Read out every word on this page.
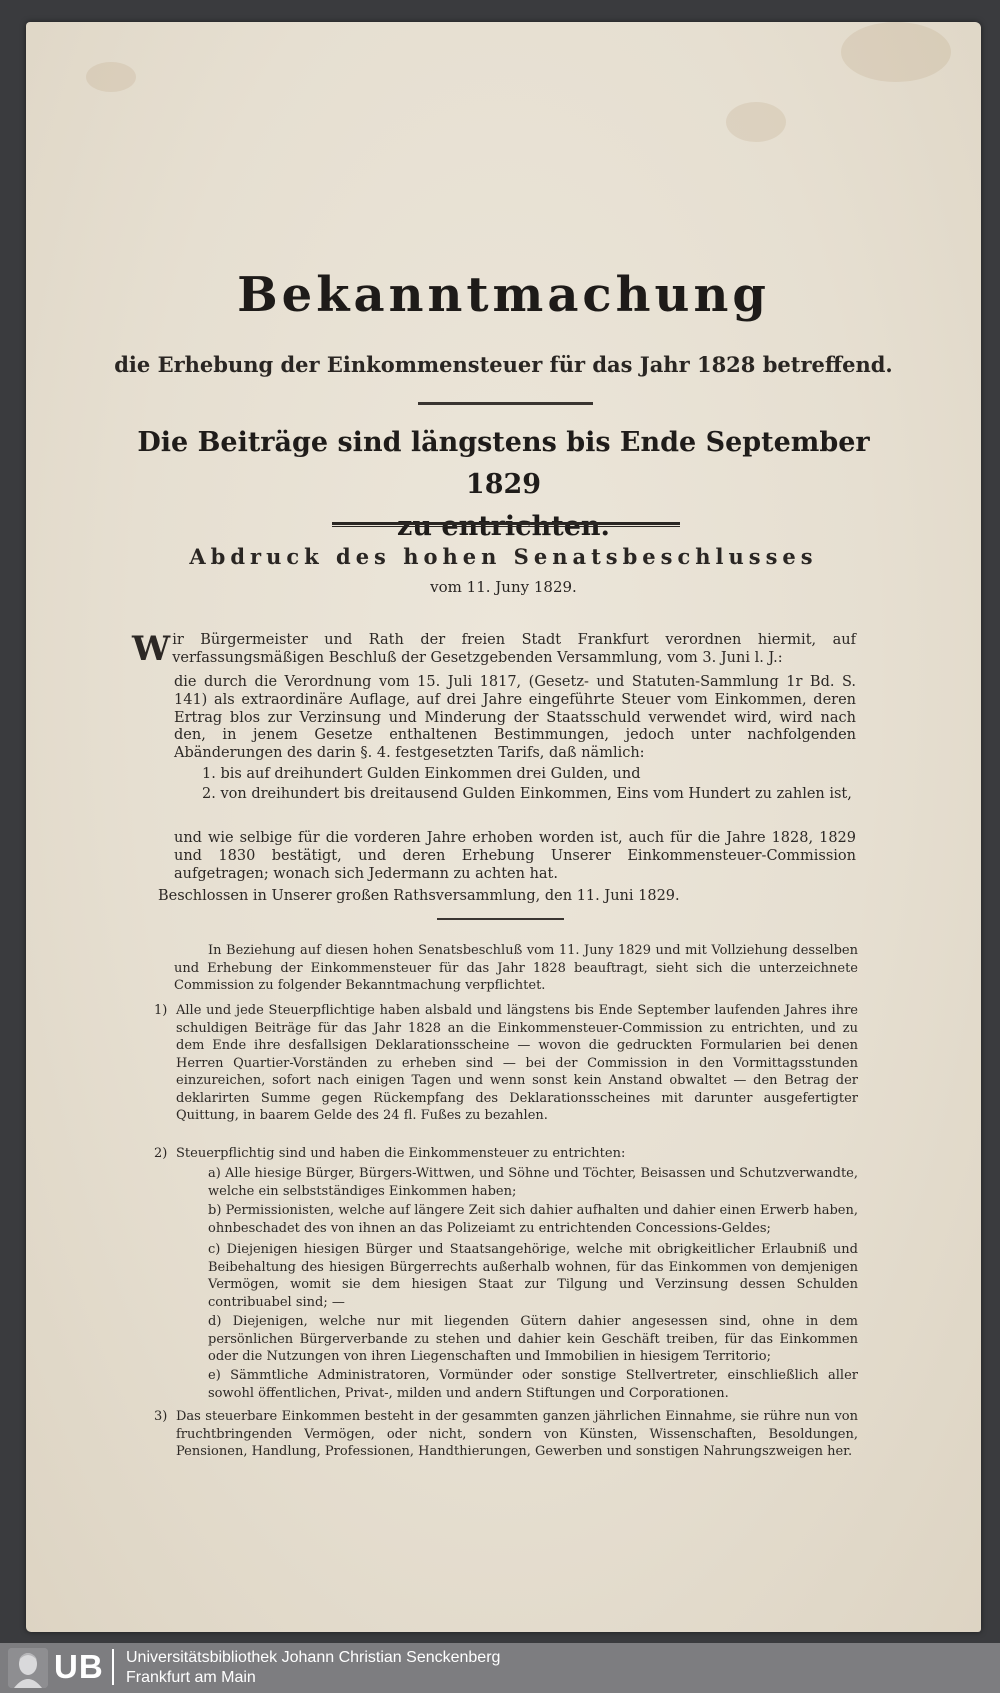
Bekanntmachung
die Erhebung der Einkommensteuer für das Jahr 1828 betreffend.
Die Beiträge sind längstens bis Ende September 1829
zu entrichten.
Abdruck des hohen Senatsbeschlusses
vom 11. Juny 1829.
Wir Bürgermeister und Rath der freien Stadt Frankfurt verordnen hiermit, auf verfassungsmäßigen Beschluß der Gesetzgebenden Versammlung, vom 3. Juni l. J.:
die durch die Verordnung vom 15. Juli 1817, (Gesetz- und Statuten-Sammlung 1r Bd. S. 141) als extraordinäre Auflage, auf drei Jahre eingeführte Steuer vom Einkommen, deren Ertrag blos zur Verzinsung und Minderung der Staatsschuld verwendet wird, wird nach den, in jenem Gesetze enthaltenen Bestimmungen, jedoch unter nachfolgenden Abänderungen des darin §. 4. festgesetzten Tarifs, daß nämlich:
1. bis auf dreihundert Gulden Einkommen drei Gulden, und
2. von dreihundert bis dreitausend Gulden Einkommen, Eins vom Hundert zu zahlen ist,
und wie selbige für die vorderen Jahre erhoben worden ist, auch für die Jahre 1828, 1829 und 1830 bestätigt, und deren Erhebung Unserer Einkommensteuer-Commission aufgetragen; wonach sich Jedermann zu achten hat.
Beschlossen in Unserer großen Rathsversammlung, den 11. Juni 1829.
In Beziehung auf diesen hohen Senatsbeschluß vom 11. Juny 1829 und mit Vollziehung desselben und Erhebung der Einkommensteuer für das Jahr 1828 beauftragt, sieht sich die unterzeichnete Commission zu folgender Bekanntmachung verpflichtet.
1) Alle und jede Steuerpflichtige haben alsbald und längstens bis Ende September laufenden Jahres ihre schuldigen Beiträge für das Jahr 1828 an die Einkommensteuer-Commission zu entrichten, und zu dem Ende ihre desfallsigen Deklarationsscheine — wovon die gedruckten Formularien bei denen Herren Quartier-Vorständen zu erheben sind — bei der Commission in den Vormittagsstunden einzureichen, sofort nach einigen Tagen und wenn sonst kein Anstand obwaltet — den Betrag der deklarirten Summe gegen Rückempfang des Deklarationsscheines mit darunter ausgefertigter Quittung, in baarem Gelde des 24 fl. Fußes zu bezahlen.
2) Steuerpflichtig sind und haben die Einkommensteuer zu entrichten:
a) Alle hiesige Bürger, Bürgers-Wittwen, und Söhne und Töchter, Beisassen und Schutzverwandte, welche ein selbstständiges Einkommen haben;
b) Permissionisten, welche auf längere Zeit sich dahier aufhalten und dahier einen Erwerb haben, ohnbeschadet des von ihnen an das Polizeiamt zu entrichtenden Concessions-Geldes;
c) Diejenigen hiesigen Bürger und Staatsangehörige, welche mit obrigkeitlicher Erlaubniß und Beibehaltung des hiesigen Bürgerrechts außerhalb wohnen, für das Einkommen von demjenigen Vermögen, womit sie dem hiesigen Staat zur Tilgung und Verzinsung dessen Schulden contribuabel sind; —
d) Diejenigen, welche nur mit liegenden Gütern dahier angesessen sind, ohne in dem persönlichen Bürgerverbande zu stehen und dahier kein Geschäft treiben, für das Einkommen oder die Nutzungen von ihren Liegenschaften und Immobilien in hiesigem Territorio;
e) Sämmtliche Administratoren, Vormünder oder sonstige Stellvertreter, einschließlich aller sowohl öffentlichen, Privat-, milden und andern Stiftungen und Corporationen.
3) Das steuerbare Einkommen besteht in der gesammten ganzen jährlichen Einnahme, sie rühre nun von fruchtbringenden Vermögen, oder nicht, sondern von Künsten, Wissenschaften, Besoldungen, Pensionen, Handlung, Professionen, Handthierungen, Gewerben und sonstigen Nahrungszweigen her.
UB Universitätsbibliothek Johann Christian Senckenberg
Frankfurt am Main
